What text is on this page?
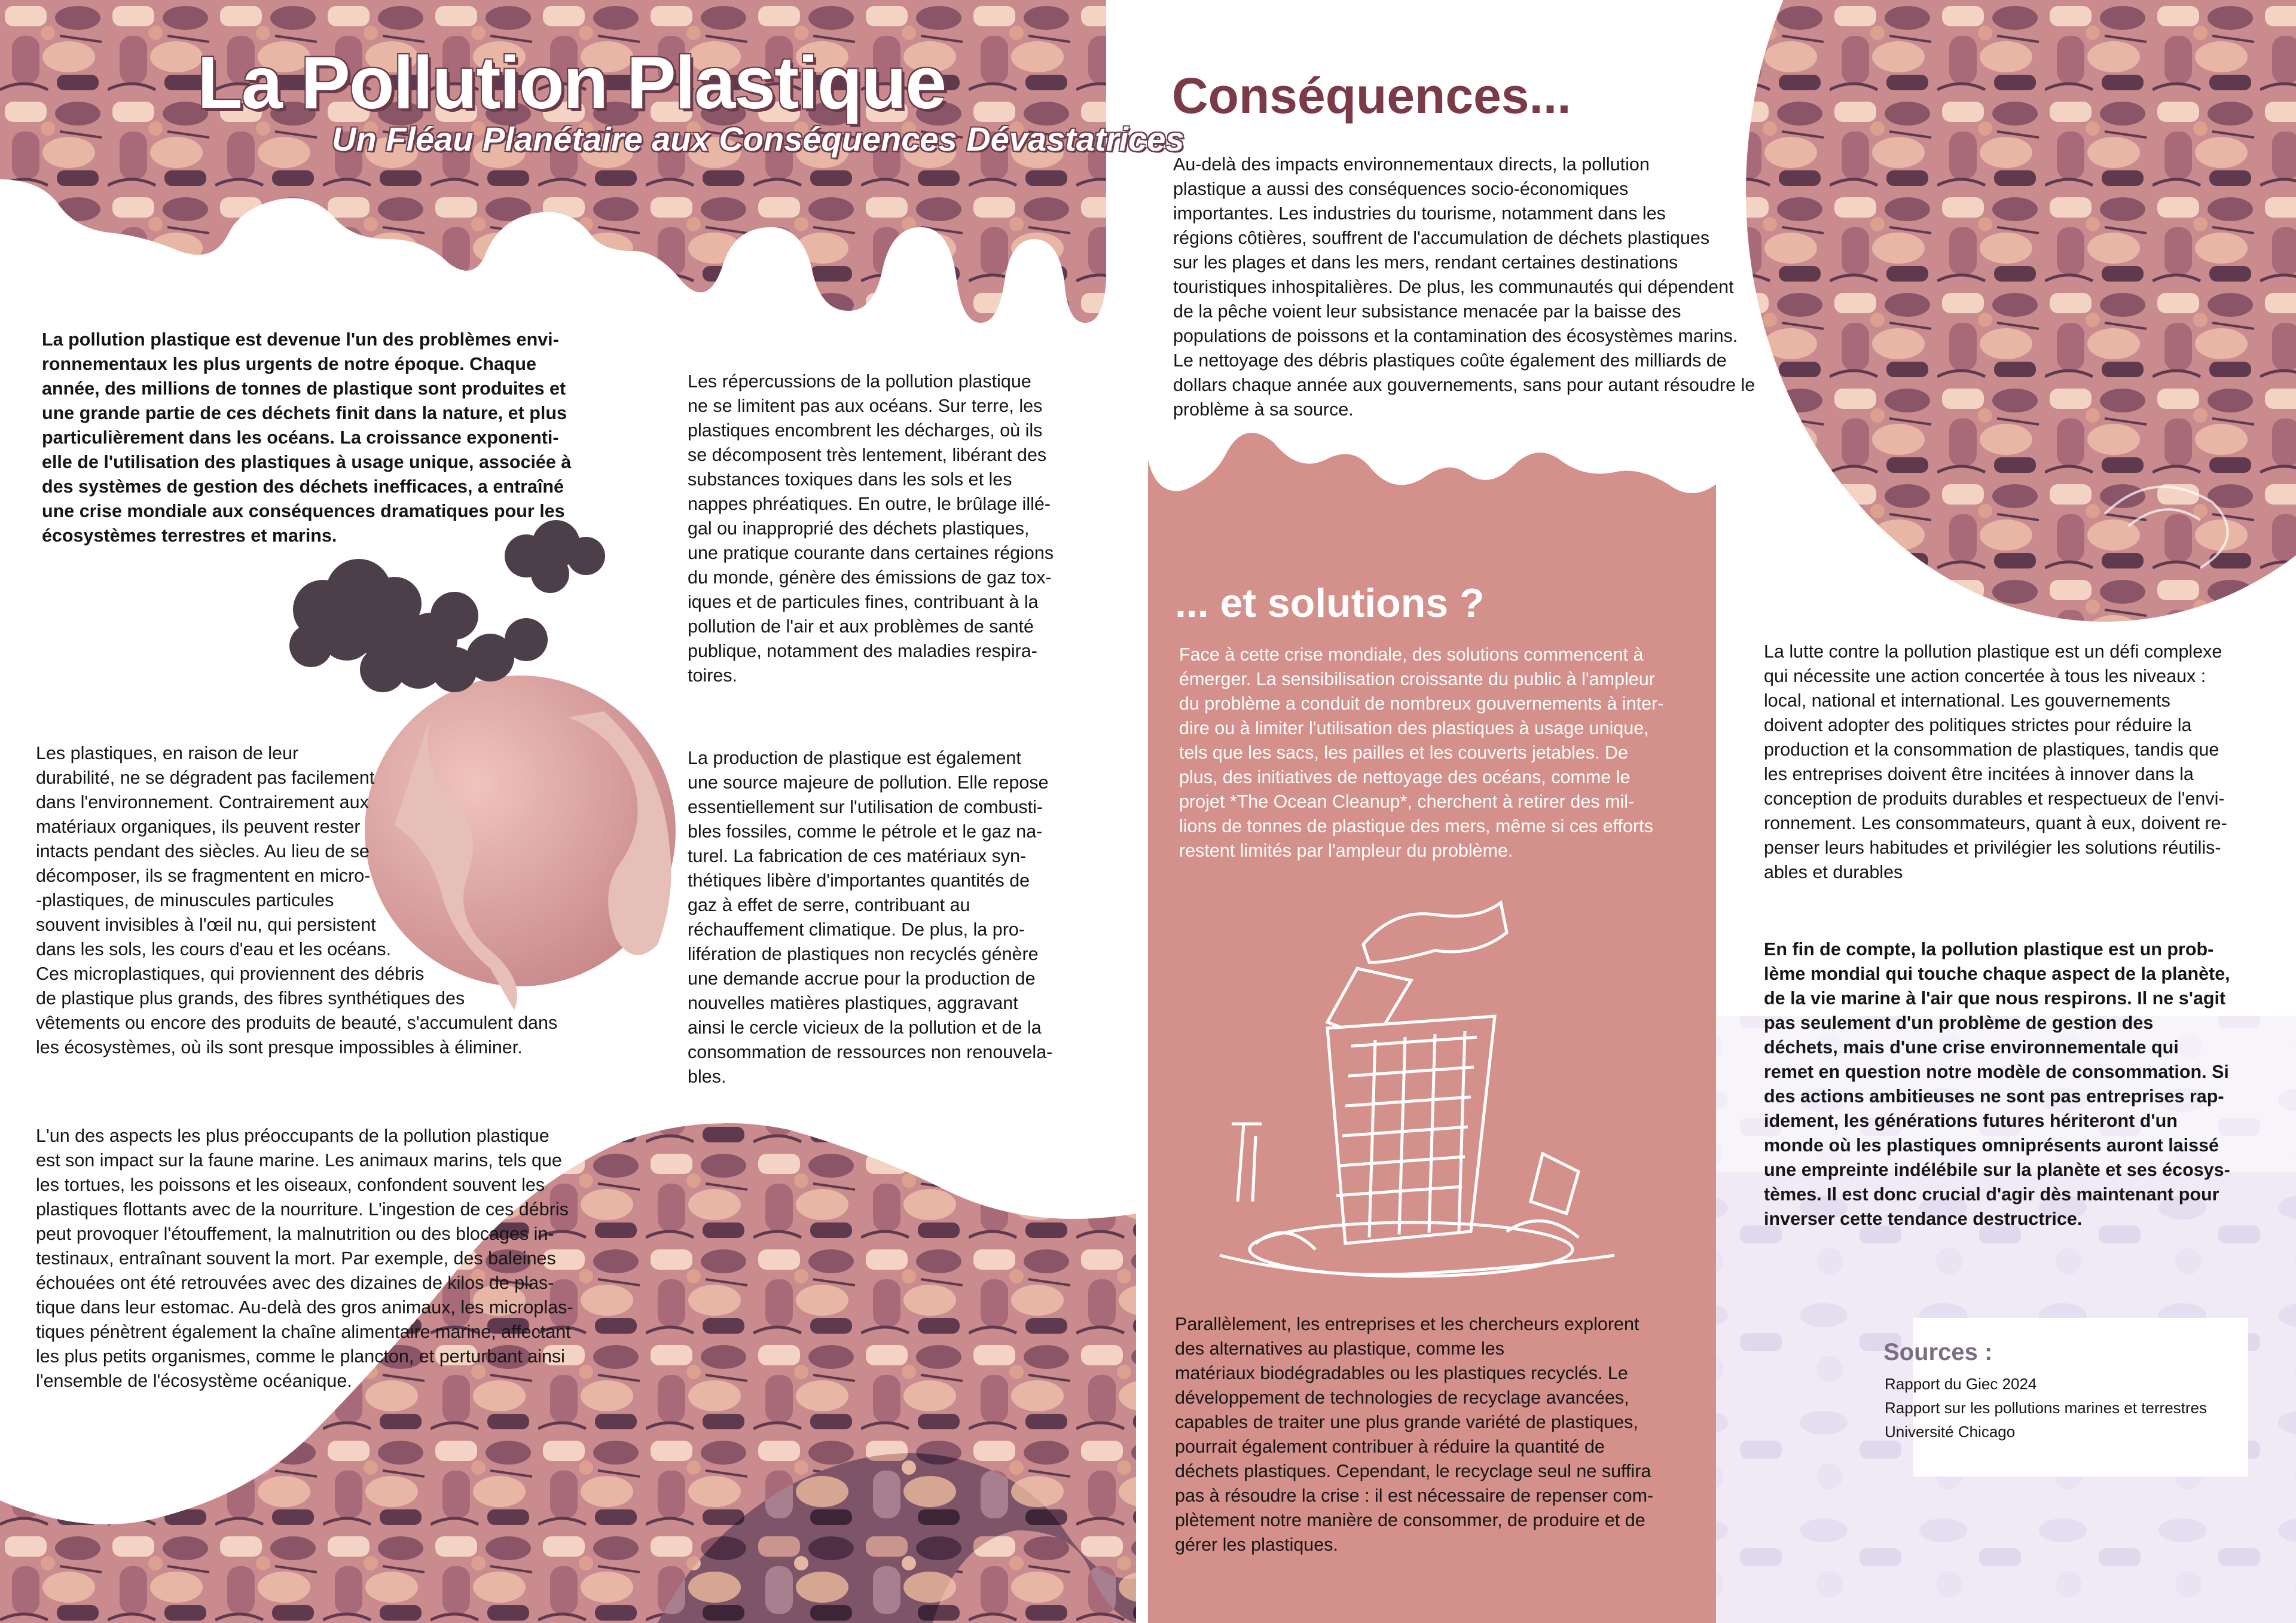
La Pollution Plastique
Un Fléau Planétaire aux Conséquences Dévastatrices
La pollution plastique est devenue l'un des problèmes envi-
ronnementaux les plus urgents de notre époque. Chaque
année, des millions de tonnes de plastique sont produites et
une grande partie de ces déchets finit dans la nature, et plus
particulièrement dans les océans. La croissance exponenti-
elle de l'utilisation des plastiques à usage unique, associée à
des systèmes de gestion des déchets inefficaces, a entraîné
une crise mondiale aux conséquences dramatiques pour les
écosystèmes terrestres et marins.
Les plastiques, en raison de leur
durabilité, ne se dégradent pas facilement
dans l'environnement. Contrairement aux
matériaux organiques, ils peuvent rester
intacts pendant des siècles. Au lieu de se
décomposer, ils se fragmentent en micro-
-plastiques, de minuscules particules
souvent invisibles à l'œil nu, qui persistent
dans les sols, les cours d'eau et les océans.
Ces microplastiques, qui proviennent des débris
de plastique plus grands, des fibres synthétiques des
vêtements ou encore des produits de beauté, s'accumulent dans
les écosystèmes, où ils sont presque impossibles à éliminer.
L'un des aspects les plus préoccupants de la pollution plastique
est son impact sur la faune marine. Les animaux marins, tels que
les tortues, les poissons et les oiseaux, confondent souvent les
plastiques flottants avec de la nourriture. L'ingestion de ces débris
peut provoquer l'étouffement, la malnutrition ou des blocages in-
testinaux, entraînant souvent la mort. Par exemple, des baleines
échouées ont été retrouvées avec des dizaines de kilos de plas-
tique dans leur estomac. Au-delà des gros animaux, les microplas-
tiques pénètrent également la chaîne alimentaire marine, affectant
les plus petits organismes, comme le plancton, et perturbant ainsi
l'ensemble de l'écosystème océanique.
Les répercussions de la pollution plastique
ne se limitent pas aux océans. Sur terre, les
plastiques encombrent les décharges, où ils
se décomposent très lentement, libérant des
substances toxiques dans les sols et les
nappes phréatiques. En outre, le brûlage illé-
gal ou inapproprié des déchets plastiques,
une pratique courante dans certaines régions
du monde, génère des émissions de gaz tox-
iques et de particules fines, contribuant à la
pollution de l'air et aux problèmes de santé
publique, notamment des maladies respira-
toires.
La production de plastique est également
une source majeure de pollution. Elle repose
essentiellement sur l'utilisation de combusti-
bles fossiles, comme le pétrole et le gaz na-
turel. La fabrication de ces matériaux syn-
thétiques libère d'importantes quantités de
gaz à effet de serre, contribuant au
réchauffement climatique. De plus, la pro-
lifération de plastiques non recyclés génère
une demande accrue pour la production de
nouvelles matières plastiques, aggravant
ainsi le cercle vicieux de la pollution et de la
consommation de ressources non renouvela-
bles.
Conséquences...
Au-delà des impacts environnementaux directs, la pollution
plastique a aussi des conséquences socio-économiques
importantes. Les industries du tourisme, notamment dans les
régions côtières, souffrent de l'accumulation de déchets plastiques
sur les plages et dans les mers, rendant certaines destinations
touristiques inhospitalières. De plus, les communautés qui dépendent
de la pêche voient leur subsistance menacée par la baisse des
populations de poissons et la contamination des écosystèmes marins.
Le nettoyage des débris plastiques coûte également des milliards de
dollars chaque année aux gouvernements, sans pour autant résoudre le
problème à sa source.
... et solutions ?
Face à cette crise mondiale, des solutions commencent à
émerger. La sensibilisation croissante du public à l'ampleur
du problème a conduit de nombreux gouvernements à inter-
dire ou à limiter l'utilisation des plastiques à usage unique,
tels que les sacs, les pailles et les couverts jetables. De
plus, des initiatives de nettoyage des océans, comme le
projet *The Ocean Cleanup*, cherchent à retirer des mil-
lions de tonnes de plastique des mers, même si ces efforts
restent limités par l'ampleur du problème.
Parallèlement, les entreprises et les chercheurs explorent
des alternatives au plastique, comme les
matériaux biodégradables ou les plastiques recyclés. Le
développement de technologies de recyclage avancées,
capables de traiter une plus grande variété de plastiques,
pourrait également contribuer à réduire la quantité de
déchets plastiques. Cependant, le recyclage seul ne suffira
pas à résoudre la crise : il est nécessaire de repenser com-
plètement notre manière de consommer, de produire et de
gérer les plastiques.
La lutte contre la pollution plastique est un défi complexe
qui nécessite une action concertée à tous les niveaux :
local, national et international. Les gouvernements
doivent adopter des politiques strictes pour réduire la
production et la consommation de plastiques, tandis que
les entreprises doivent être incitées à innover dans la
conception de produits durables et respectueux de l'envi-
ronnement. Les consommateurs, quant à eux, doivent re-
penser leurs habitudes et privilégier les solutions réutilis-
ables et durables
En fin de compte, la pollution plastique est un prob-
lème mondial qui touche chaque aspect de la planète,
de la vie marine à l'air que nous respirons. Il ne s'agit
pas seulement d'un problème de gestion des
déchets, mais d'une crise environnementale qui
remet en question notre modèle de consommation. Si
des actions ambitieuses ne sont pas entreprises rap-
idement, les générations futures hériteront d'un
monde où les plastiques omniprésents auront laissé
une empreinte indélébile sur la planète et ses écosys-
tèmes. Il est donc crucial d'agir dès maintenant pour
inverser cette tendance destructrice.
Sources :
Rapport du Giec 2024
Rapport sur les pollutions marines et terrestres
Université Chicago
